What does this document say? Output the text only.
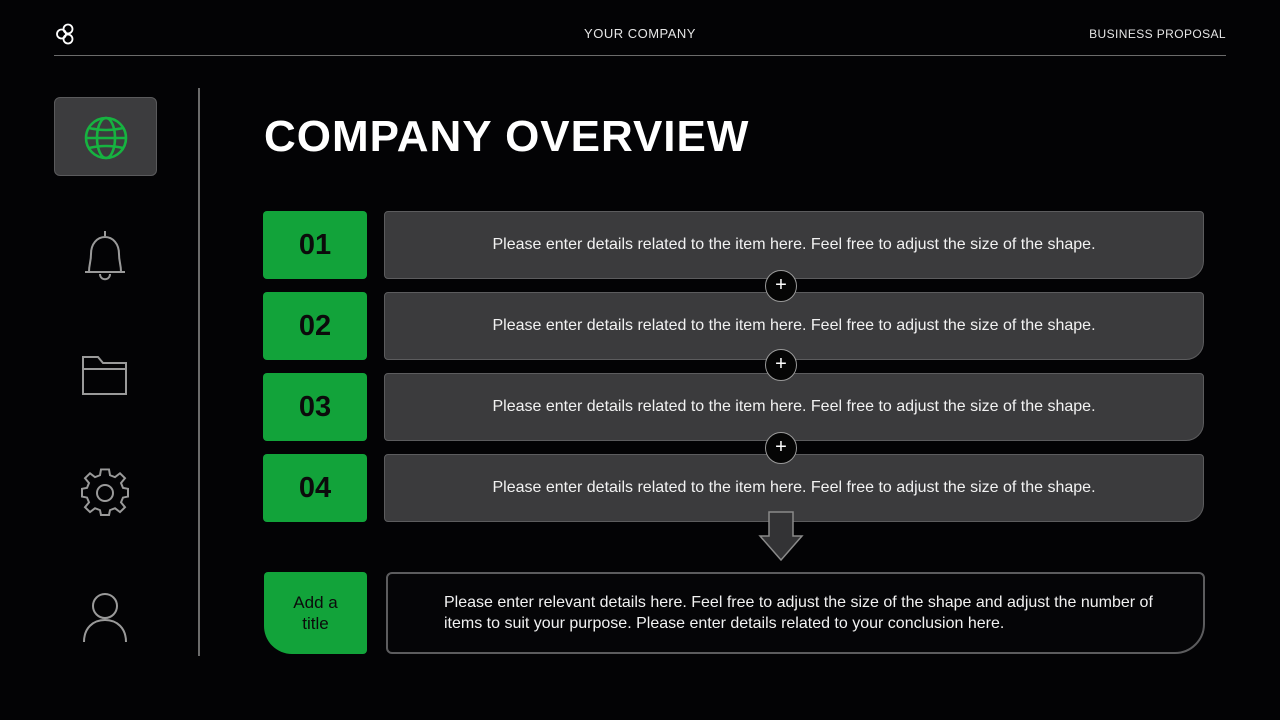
YOUR COMPANY	BUSINESS PROPOSAL
COMPANY OVERVIEW
01	Please enter details related to the item here. Feel free to adjust the size of the shape.
02	Please enter details related to the item here. Feel free to adjust the size of the shape.
03	Please enter details related to the item here. Feel free to adjust the size of the shape.
04	Please enter details related to the item here. Feel free to adjust the size of the shape.
+
+
+
Add a title
Please enter relevant details here. Feel free to adjust the size of the shape and adjust the number of items to suit your purpose. Please enter details related to your conclusion here.
